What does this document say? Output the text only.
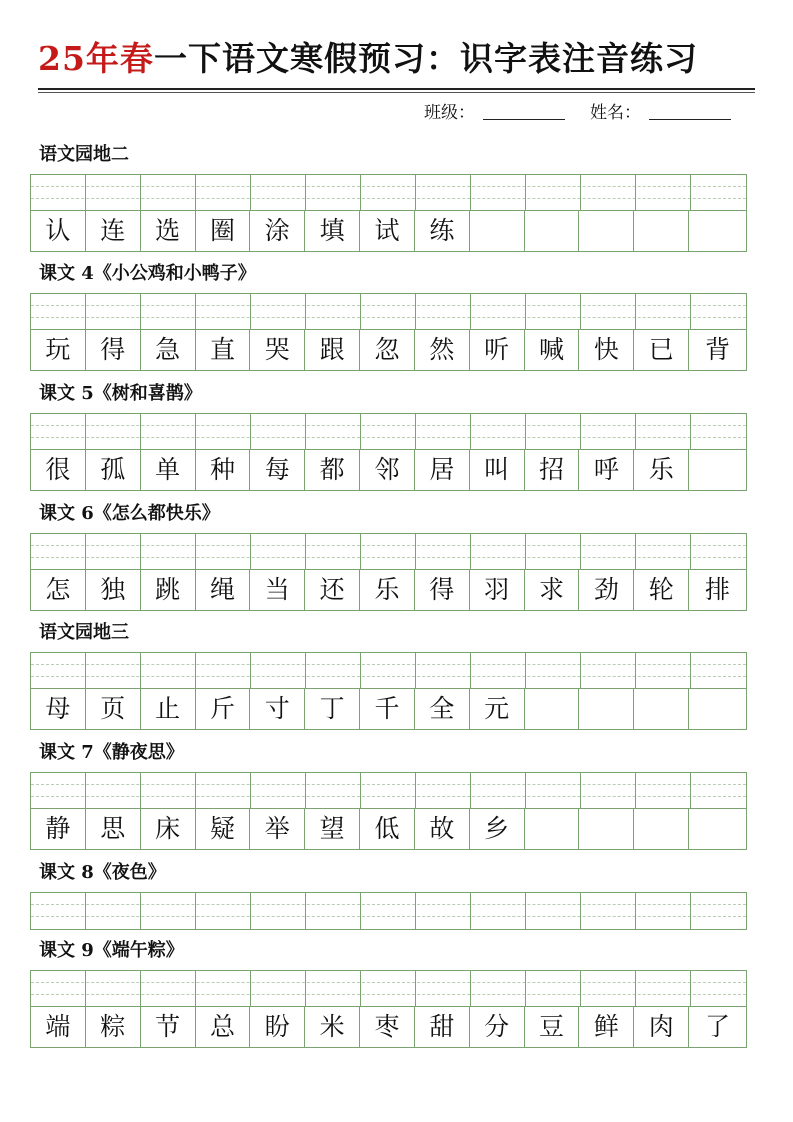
25年春一下语文寒假预习：识字表注音练习
班级：	姓名：
语文园地二
认	连	选	圈	涂	填	试	练
课文 4《小公鸡和小鸭子》
玩	得	急	直	哭	跟	忽	然	听	喊	快	已	背
课文 5《树和喜鹊》
很	孤	单	种	每	都	邻	居	叫	招	呼	乐
课文 6《怎么都快乐》
怎	独	跳	绳	当	还	乐	得	羽	求	劲	轮	排
语文园地三
母	页	止	斤	寸	丁	千	全	元
课文 7《静夜思》
静	思	床	疑	举	望	低	故	乡
课文 8《夜色》
课文 9《端午粽》
端	粽	节	总	盼	米	枣	甜	分	豆	鲜	肉	了
